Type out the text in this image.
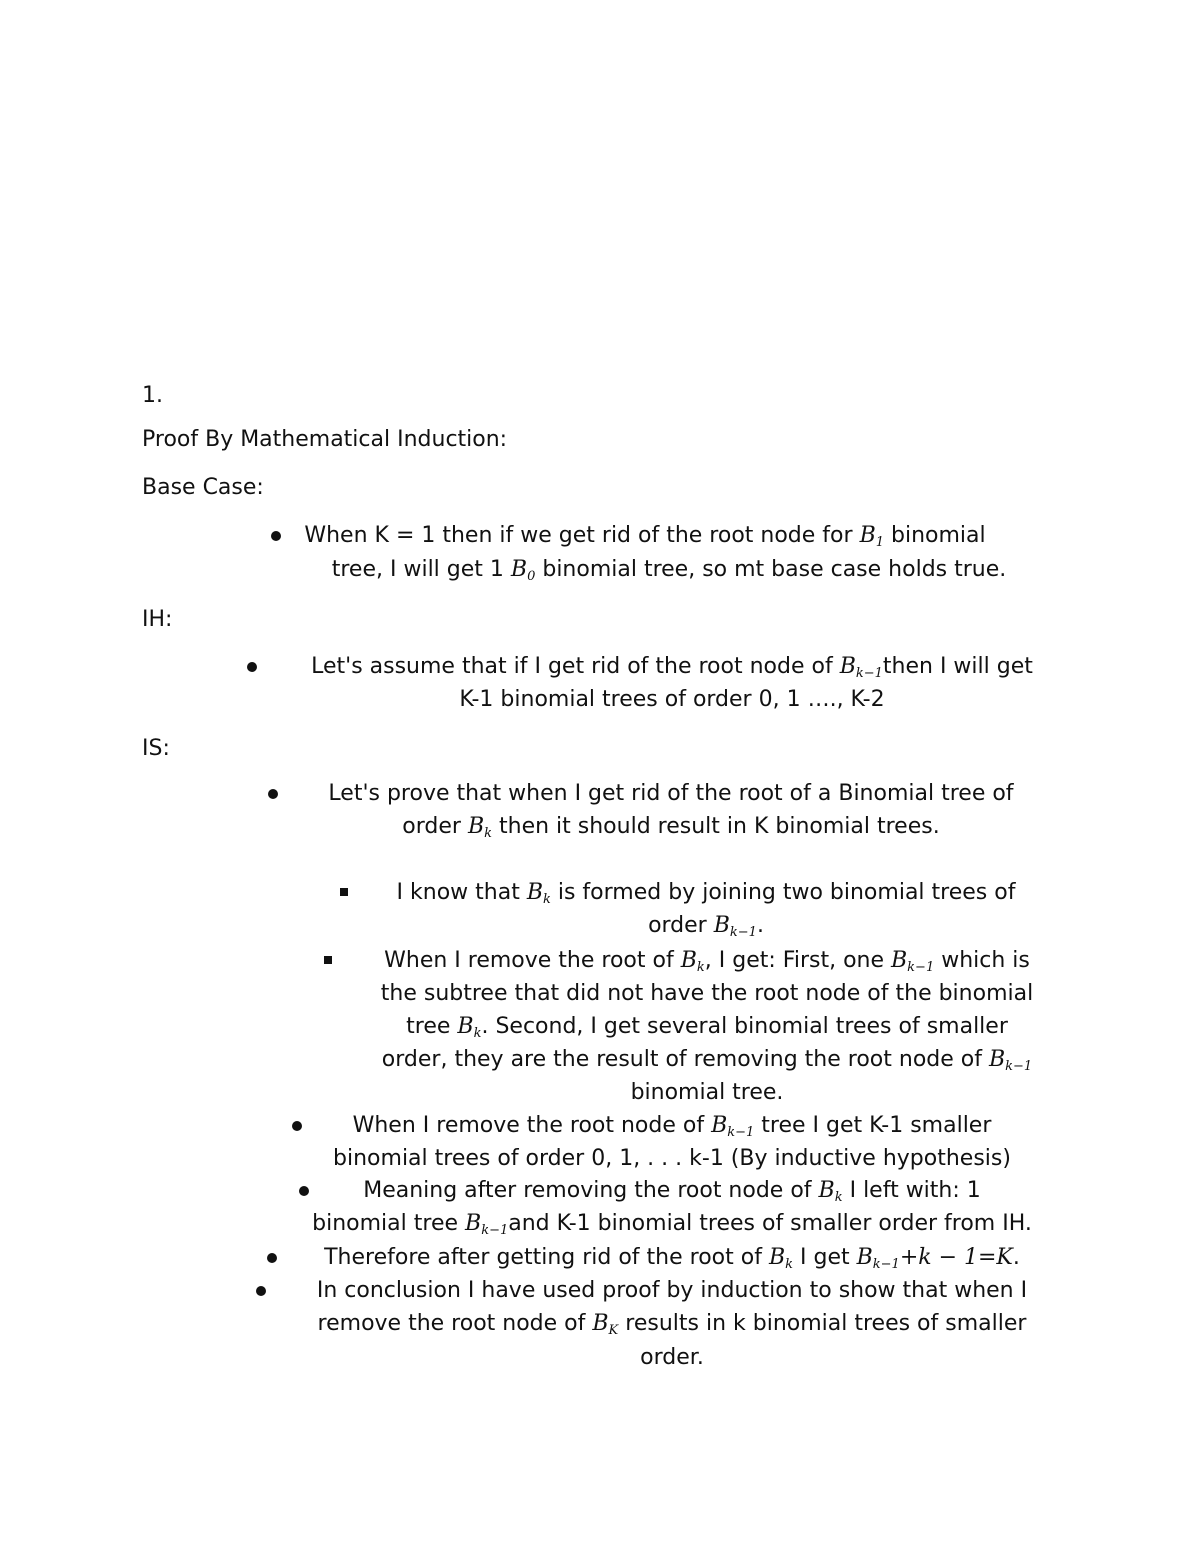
1.
Proof By Mathematical Induction:
Base Case:
When K = 1 then if we get rid of the root node for B1 binomial
tree, I will get 1 B0 binomial tree, so mt base case holds true.
IH:
Let's assume that if I get rid of the root node of Bk−1then I will get
K-1 binomial trees of order 0, 1 …., K-2
IS:
Let's prove that when I get rid of the root of a Binomial tree of
order Bk then it should result in K binomial trees.
I know that Bk is formed by joining two binomial trees of
order Bk−1.
When I remove the root of Bk, I get: First, one Bk−1 which is
the subtree that did not have the root node of the binomial
tree Bk. Second, I get several binomial trees of smaller
order, they are the result of removing the root node of Bk−1
binomial tree.
When I remove the root node of Bk−1 tree I get K-1 smaller
binomial trees of order 0, 1, . . . k-1 (By inductive hypothesis)
Meaning after removing the root node of Bk I left with: 1
binomial tree Bk−1and K-1 binomial trees of smaller order from IH.
Therefore after getting rid of the root of Bk I get Bk−1+k − 1=K.
In conclusion I have used proof by induction to show that when I
remove the root node of BK results in k binomial trees of smaller
order.
